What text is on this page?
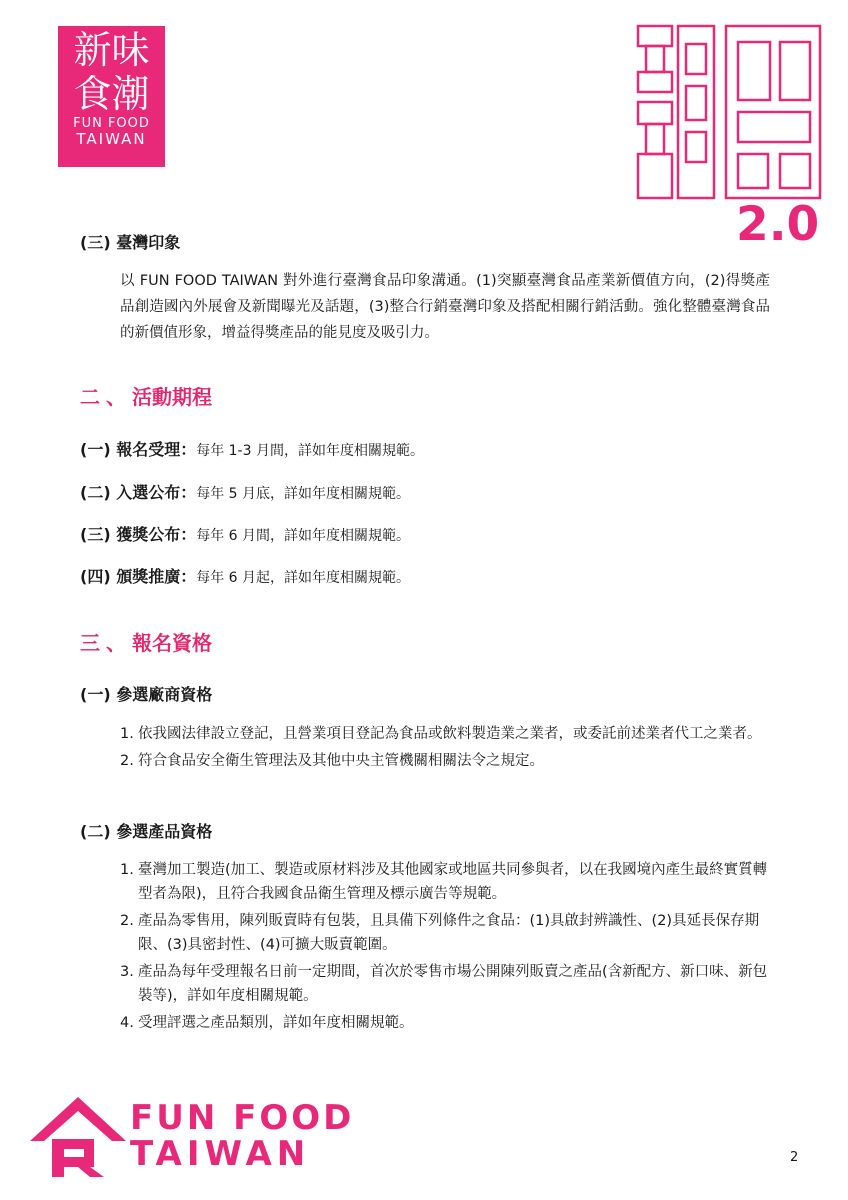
新味
食潮
FUN FOOD
TAIWAN
2.0
(三) 臺灣印象
以 FUN FOOD TAIWAN 對外進行臺灣食品印象溝通。(1)突顯臺灣食品產業新價值方向，(2)得獎產品創造國內外展會及新聞曝光及話題，(3)整合行銷臺灣印象及搭配相關行銷活動。強化整體臺灣食品的新價值形象，增益得獎產品的能見度及吸引力。
二、活動期程
(一) 報名受理：每年 1-3 月間，詳如年度相關規範。
(二) 入選公布：每年 5 月底，詳如年度相關規範。
(三) 獲獎公布：每年 6 月間，詳如年度相關規範。
(四) 頒獎推廣：每年 6 月起，詳如年度相關規範。
三、報名資格
(一) 參選廠商資格
1. 依我國法律設立登記，且營業項目登記為食品或飲料製造業之業者，或委託前述業者代工之業者。
2. 符合食品安全衛生管理法及其他中央主管機關相關法令之規定。
(二) 參選產品資格
1. 臺灣加工製造(加工、製造或原材料涉及其他國家或地區共同參與者，以在我國境內產生最終實質轉型者為限)，且符合我國食品衛生管理及標示廣告等規範。
2. 產品為零售用，陳列販賣時有包裝，且具備下列條件之食品：(1)具啟封辨識性、(2)具延長保存期限、(3)具密封性、(4)可擴大販賣範圍。
3. 產品為每年受理報名日前一定期間，首次於零售市場公開陳列販賣之產品(含新配方、新口味、新包裝等)，詳如年度相關規範。
4. 受理評選之產品類別，詳如年度相關規範。
FUN FOOD
TAIWAN	2
